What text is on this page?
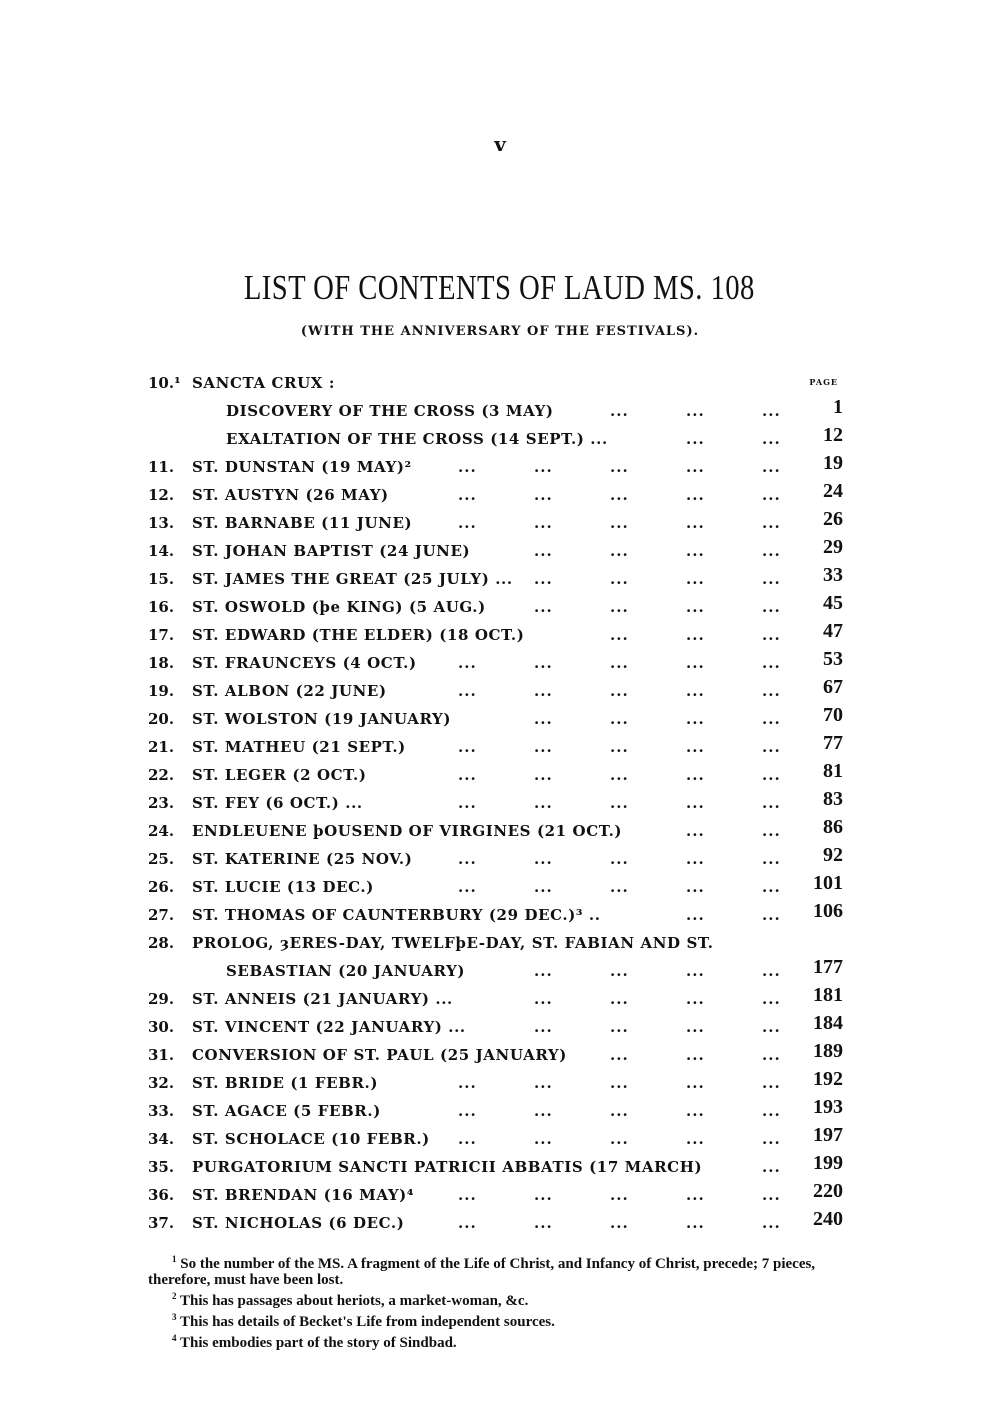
v
LIST OF CONTENTS OF LAUD MS. 108
(WITH THE ANNIVERSARY OF THE FESTIVALS).
PAGE
10.¹ SANCTA CRUX :
DISCOVERY OF THE CROSS (3 MAY)	1
...	...	...
EXALTATION OF THE CROSS (14 SEPT.) ...	12
...	...
11. ST. DUNSTAN (19 MAY)²	19
...	...	...	...	...
12. ST. AUSTYN (26 MAY)	24
...	...	...	...	...
13. ST. BARNABE (11 JUNE)	26
...	...	...	...	...
14. ST. JOHAN BAPTIST (24 JUNE)	29
...	...	...	...
15. ST. JAMES THE GREAT (25 JULY) ...	33
...	...	...	...
16. ST. OSWOLD (þe KING) (5 AUG.)	45
...	...	...	...
17. ST. EDWARD (THE ELDER) (18 OCT.)	47
...	...	...
18. ST. FRAUNCEYS (4 OCT.)	53
...	...	...	...	...
19. ST. ALBON (22 JUNE)	67
...	...	...	...	...
20. ST. WOLSTON (19 JANUARY)	70
...	...	...	...
21. ST. MATHEU (21 SEPT.)	77
...	...	...	...	...
22. ST. LEGER (2 OCT.)	81
...	...	...	...	...
23. ST. FEY (6 OCT.) ...	83
...	...	...	...	...
24. ENDLEUENE þOUSEND OF VIRGINES (21 OCT.)	86
...	...
25. ST. KATERINE (25 NOV.)	92
...	...	...	...	...
26. ST. LUCIE (13 DEC.)	101
...	...	...	...	...
27. ST. THOMAS OF CAUNTERBURY (29 DEC.)³ ..	106
...	...
28. PROLOG, ȝERES-DAY, TWELFþE-DAY, ST. FABIAN AND ST.
SEBASTIAN (20 JANUARY)	177
...	...	...	...
29. ST. ANNEIS (21 JANUARY) ...	181
...	...	...	...
30. ST. VINCENT (22 JANUARY) ...	184
...	...	...	...
31. CONVERSION OF ST. PAUL (25 JANUARY)	189
...	...	...
32. ST. BRIDE (1 FEBR.)	192
...	...	...	...	...
33. ST. AGACE (5 FEBR.)	193
...	...	...	...	...
34. ST. SCHOLACE (10 FEBR.)	197
...	...	...	...	...
35. PURGATORIUM SANCTI PATRICII ABBATIS (17 MARCH)	199
...
36. ST. BRENDAN (16 MAY)⁴	220
...	...	...	...	...
37. ST. NICHOLAS (6 DEC.)	240
...	...	...	...	...

$^1$ So the number of the MS. A fragment of the Life of Christ, and Infancy of Christ, precede; 7 pieces, therefore, must have been lost.

$^2$ This has passages about heriots, a market-woman, &c.

$^3$ This has details of Becket's Life from independent sources.

$^4$ This embodies part of the story of Sindbad.
